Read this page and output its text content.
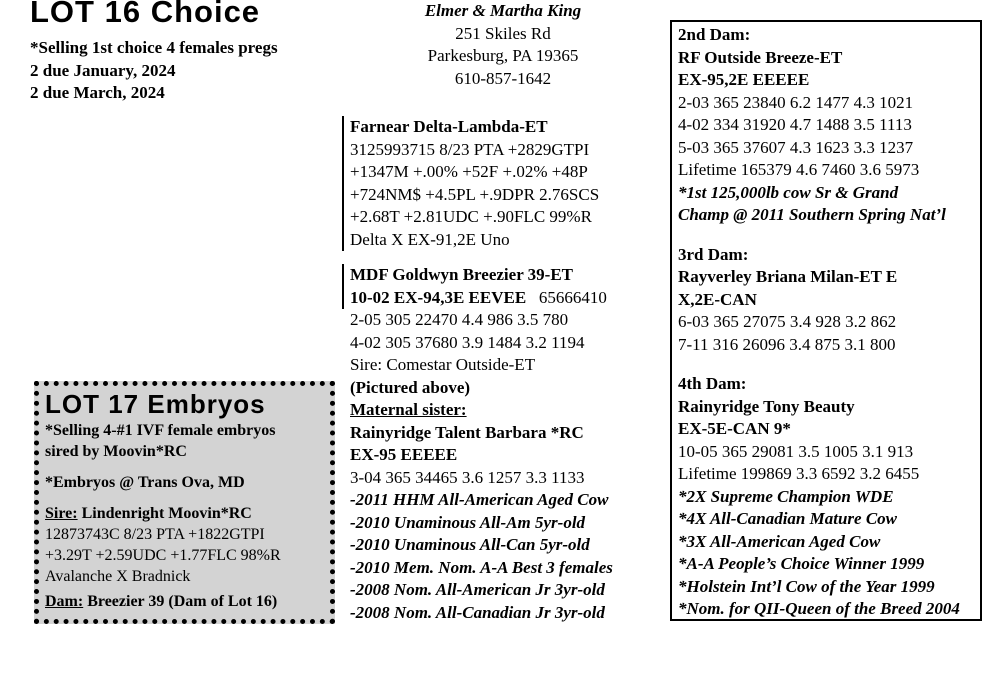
LOT 16 Choice
*Selling 1st choice 4 females pregs
2 due January, 2024
2 due March, 2024
Elmer & Martha King
251 Skiles Rd
Parkesburg, PA 19365
610-857-1642
Farnear Delta-Lambda-ET
3125993715 8/23 PTA +2829GTPI
+1347M +.00% +52F +.02% +48P
+724NM$ +4.5PL +.9DPR 2.76SCS
+2.68T +2.81UDC +.90FLC 99%R
Delta X EX-91,2E Uno
MDF Goldwyn Breezier 39-ET
10-02 EX-94,3E EEVEE 65666410
2-05 305 22470 4.4 986 3.5 780
4-02 305 37680 3.9 1484 3.2 1194
Sire: Comestar Outside-ET
(Pictured above)
Maternal sister:
Rainyridge Talent Barbara *RC
EX-95 EEEEE
3-04 365 34465 3.6 1257 3.3 1133
-2011 HHM All-American Aged Cow
-2010 Unaminous All-Am 5yr-old
-2010 Unaminous All-Can 5yr-old
-2010 Mem. Nom. A-A Best 3 females
-2008 Nom. All-American Jr 3yr-old
-2008 Nom. All-Canadian Jr 3yr-old
2nd Dam:
RF Outside Breeze-ET
EX-95,2E EEEEE
2-03 365 23840 6.2 1477 4.3 1021
4-02 334 31920 4.7 1488 3.5 1113
5-03 365 37607 4.3 1623 3.3 1237
Lifetime 165379 4.6 7460 3.6 5973
*1st 125,000lb cow Sr & Grand
Champ @ 2011 Southern Spring Nat’l
3rd Dam:
Rayverley Briana Milan-ET E
X,2E-CAN
6-03 365 27075 3.4 928 3.2 862
7-11 316 26096 3.4 875 3.1 800
4th Dam:
Rainyridge Tony Beauty
EX-5E-CAN 9*
10-05 365 29081 3.5 1005 3.1 913
Lifetime 199869 3.3 6592 3.2 6455
*2X Supreme Champion WDE
*4X All-Canadian Mature Cow
*3X All-American Aged Cow
*A-A People’s Choice Winner 1999
*Holstein Int’l Cow of the Year 1999
*Nom. for QII-Queen of the Breed 2004
LOT 17 Embryos
*Selling 4-#1 IVF female embryos
sired by Moovin*RC
*Embryos @ Trans Ova, MD
Sire: Lindenright Moovin*RC
12873743C 8/23 PTA +1822GTPI
+3.29T +2.59UDC +1.77FLC 98%R
Avalanche X Bradnick
Dam: Breezier 39 (Dam of Lot 16)
